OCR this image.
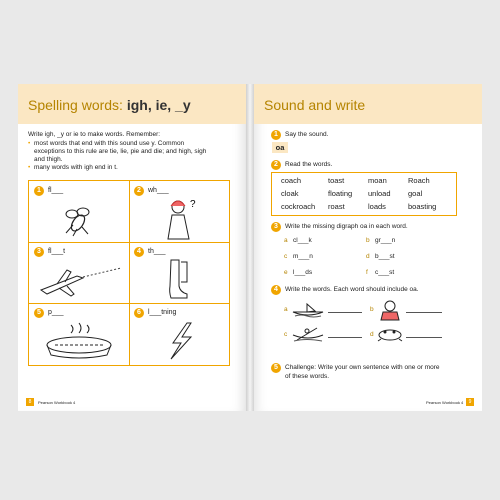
Spelling words: igh, ie, _y
Write igh, _y or ie to make words. Remember:
• most words that end with this sound use y. Common
exceptions to this rule are tie, lie, pie and die; and high, sigh
and thigh.
• many words with igh end in t.
1	fl___	2	wh___
?
3	fl___t	4	th___
5	p___	6	l___tning
8	Pearson Workbook 4
Sound and write
1	Say the sound.
oa
2	Read the words.
coach	toast	moan	Roach
cloak	floating unload goal
cockroach roast	loads	boasting
3	Write the missing digraph oa in each word.
a cl___k	b gr___n
c m___n	d b___st
e l___ds	f c___st
4	Write the words. Each word should include oa.
a	b
c	d
5	Challenge: Write your own sentence with one or more
of these words.
Pearson Workbook 4	9
